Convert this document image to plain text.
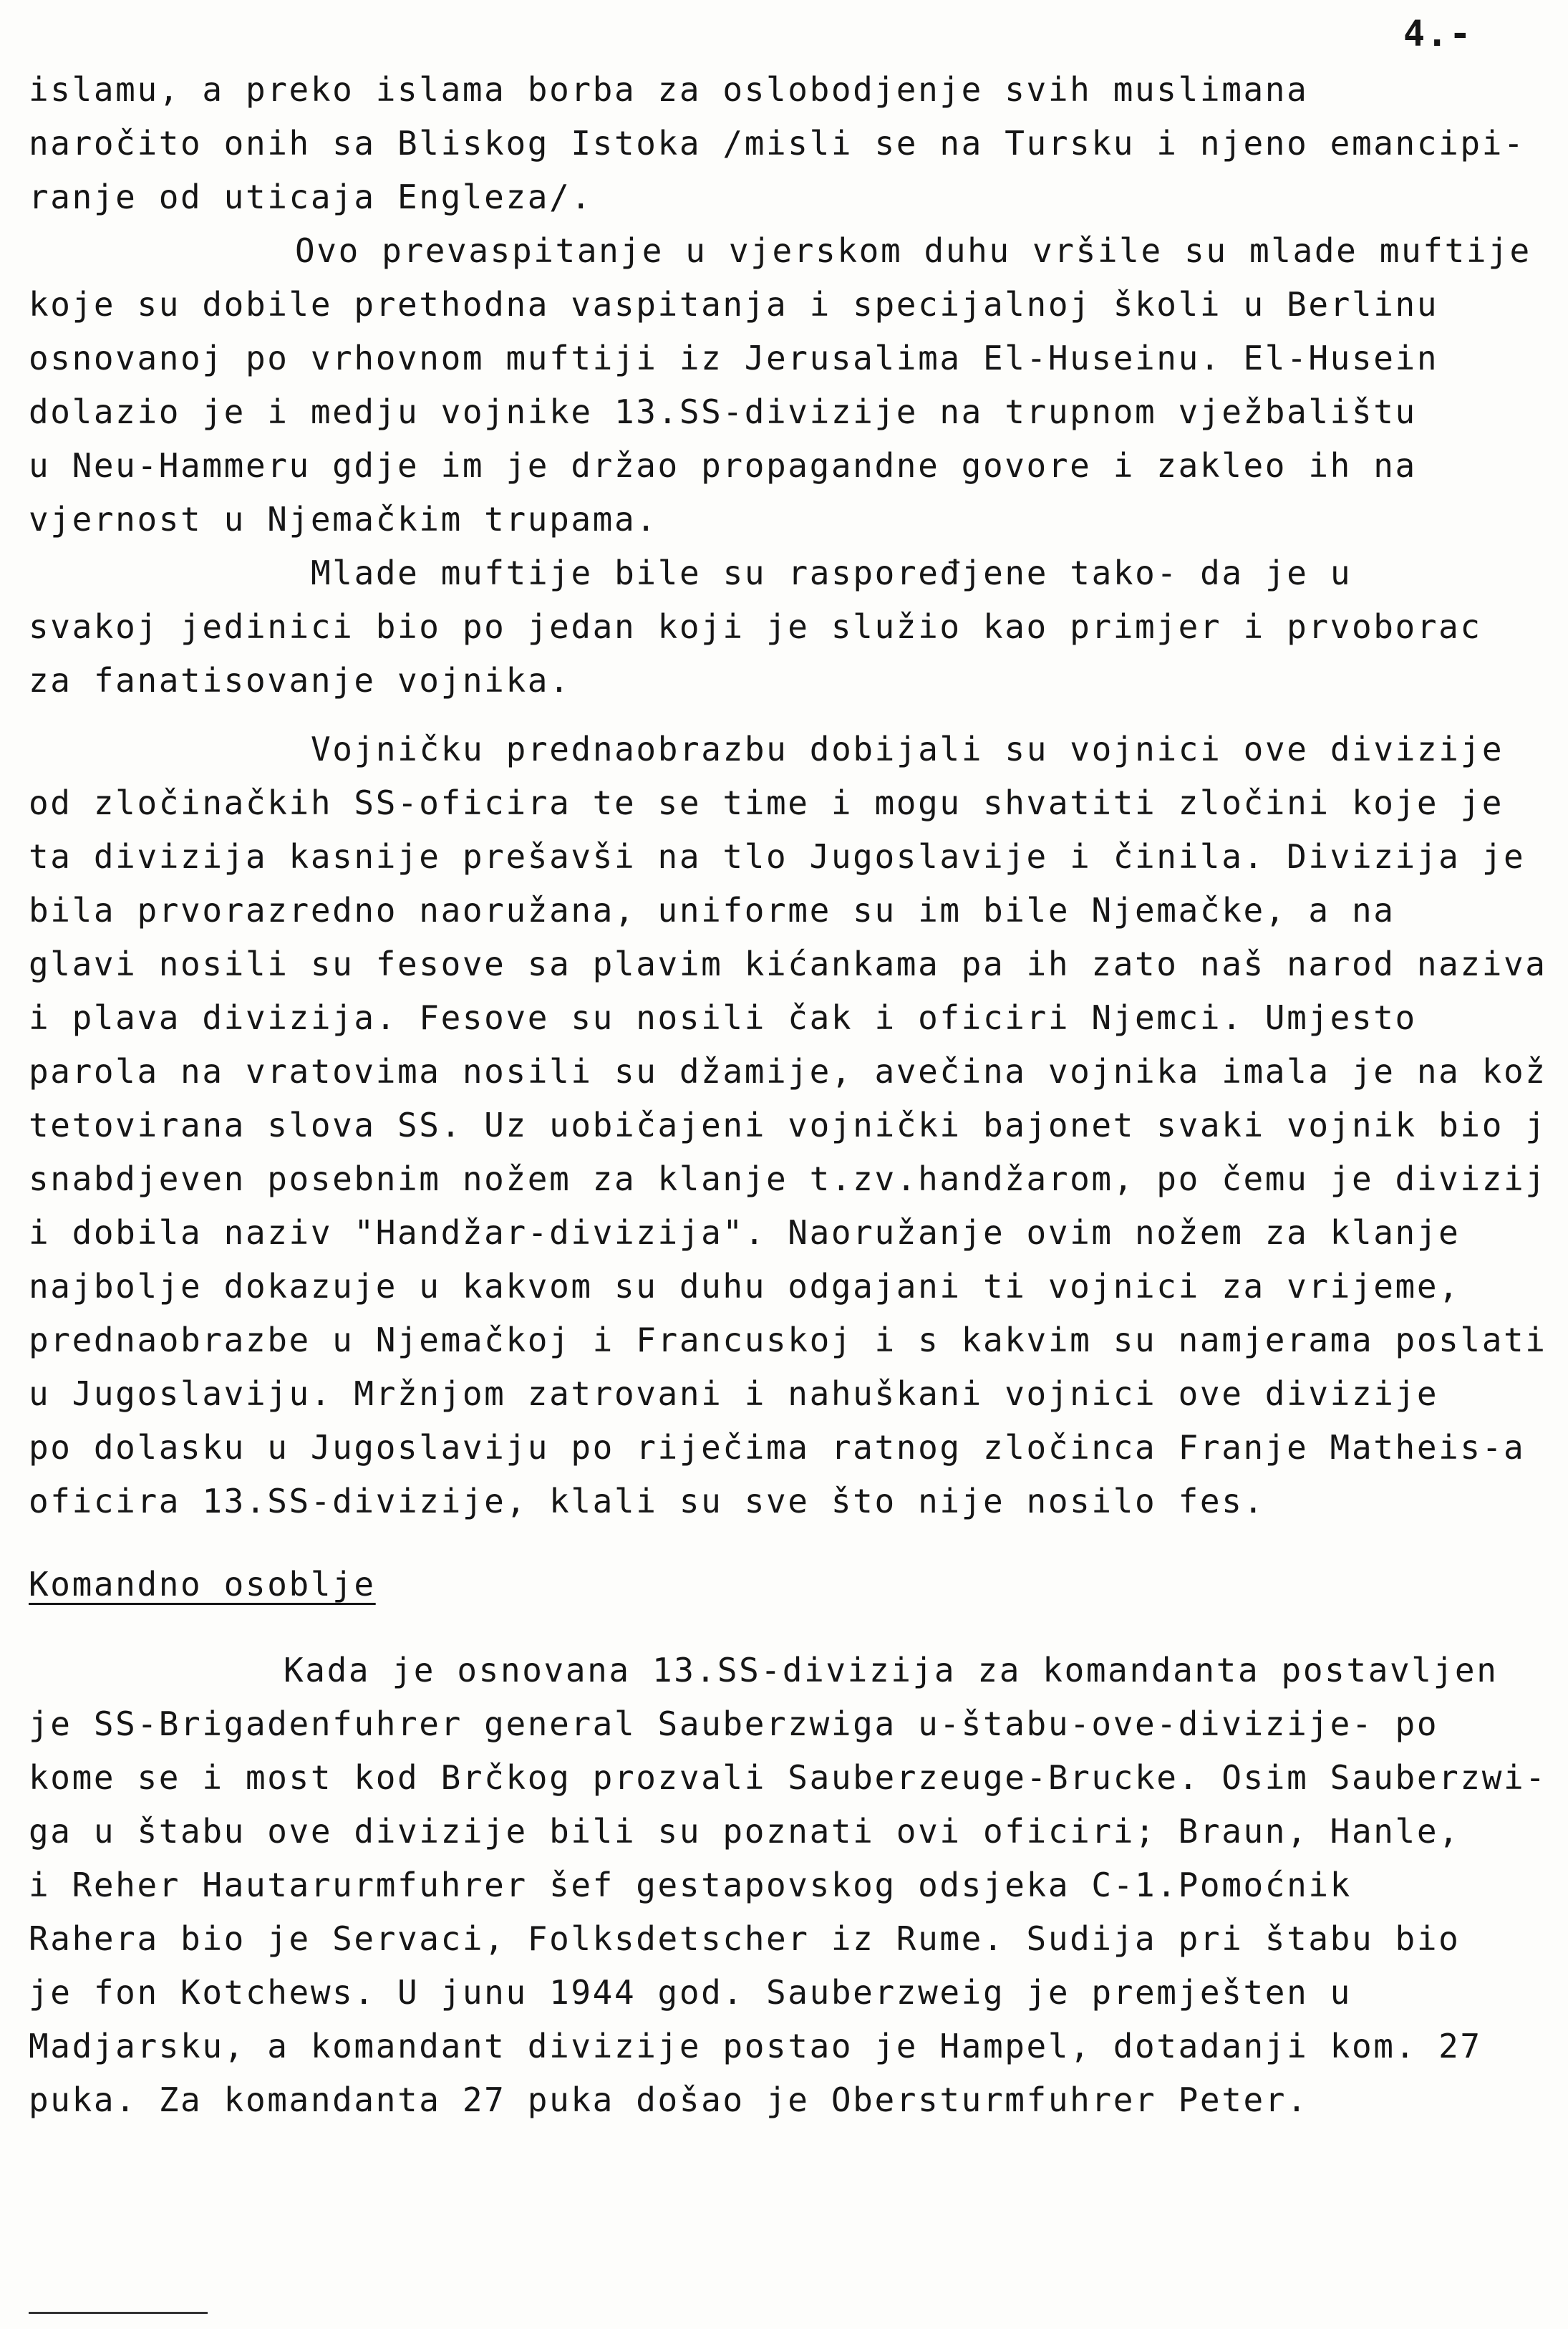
4.-
islamu, a preko islama borba za oslobodjenje svih muslimana
naročito onih sa Bliskog Istoka /misli se na Tursku i njeno emancipi-
ranje od uticaja Engleza/.
Ovo prevaspitanje u vjerskom duhu vršile su mlade muftije
koje su dobile prethodna vaspitanja i specijalnoj školi u Berlinu
osnovanoj po vrhovnom muftiji iz Jerusalima El-Huseinu. El-Husein
dolazio je i medju vojnike 13.SS-divizije na trupnom vježbalištu
u Neu-Hammeru gdje im je držao propagandne govore i zakleo ih na
vjernost u Njemačkim trupama.
Mlade muftije bile su raspoređjene tako- da je u
svakoj jedinici bio po jedan koji je služio kao primjer i prvoborac
za fanatisovanje vojnika.
Vojničku prednaobrazbu dobijali su vojnici ove divizije
od zločinačkih SS-oficira te se time i mogu shvatiti zločini koje je
ta divizija kasnije prešavši na tlo Jugoslavije i činila. Divizija je
bila prvorazredno naoružana, uniforme su im bile Njemačke, a na
glavi nosili su fesove sa plavim kićankama pa ih zato naš narod naziva
i plava divizija. Fesove su nosili čak i oficiri Njemci. Umjesto
parola na vratovima nosili su džamije, avečina vojnika imala je na kož
tetovirana slova SS. Uz uobičajeni vojnički bajonet svaki vojnik bio j
snabdjeven posebnim nožem za klanje t.zv.handžarom, po čemu je divizij
i dobila naziv "Handžar-divizija". Naoružanje ovim nožem za klanje
najbolje dokazuje u kakvom su duhu odgajani ti vojnici za vrijeme,
prednaobrazbe u Njemačkoj i Francuskoj i s kakvim su namjerama poslati
u Jugoslaviju. Mržnjom zatrovani i nahuškani vojnici ove divizije
po dolasku u Jugoslaviju po riječima ratnog zločinca Franje Matheis-a
oficira 13.SS-divizije, klali su sve što nije nosilo fes.
Komandno osoblje
Kada je osnovana 13.SS-divizija za komandanta postavljen
je SS-Brigadenfuhrer general Sauberzwiga u-štabu-ove-divizije- po
kome se i most kod Brčkog prozvali Sauberzeuge-Brucke. Osim Sauberzwi-
ga u štabu ove divizije bili su poznati ovi oficiri; Braun, Hanle,
i Reher Hautarurmfuhrer šef gestapovskog odsjeka C-1.Pomoćnik
Rahera bio je Servaci, Folksdetscher iz Rume. Sudija pri štabu bio
je fon Kotchews. U junu 1944 god. Sauberzweig je premješten u
Madjarsku, a komandant divizije postao je Hampel, dotadanji kom. 27
puka. Za komandanta 27 puka došao je Obersturmfuhrer Peter.
